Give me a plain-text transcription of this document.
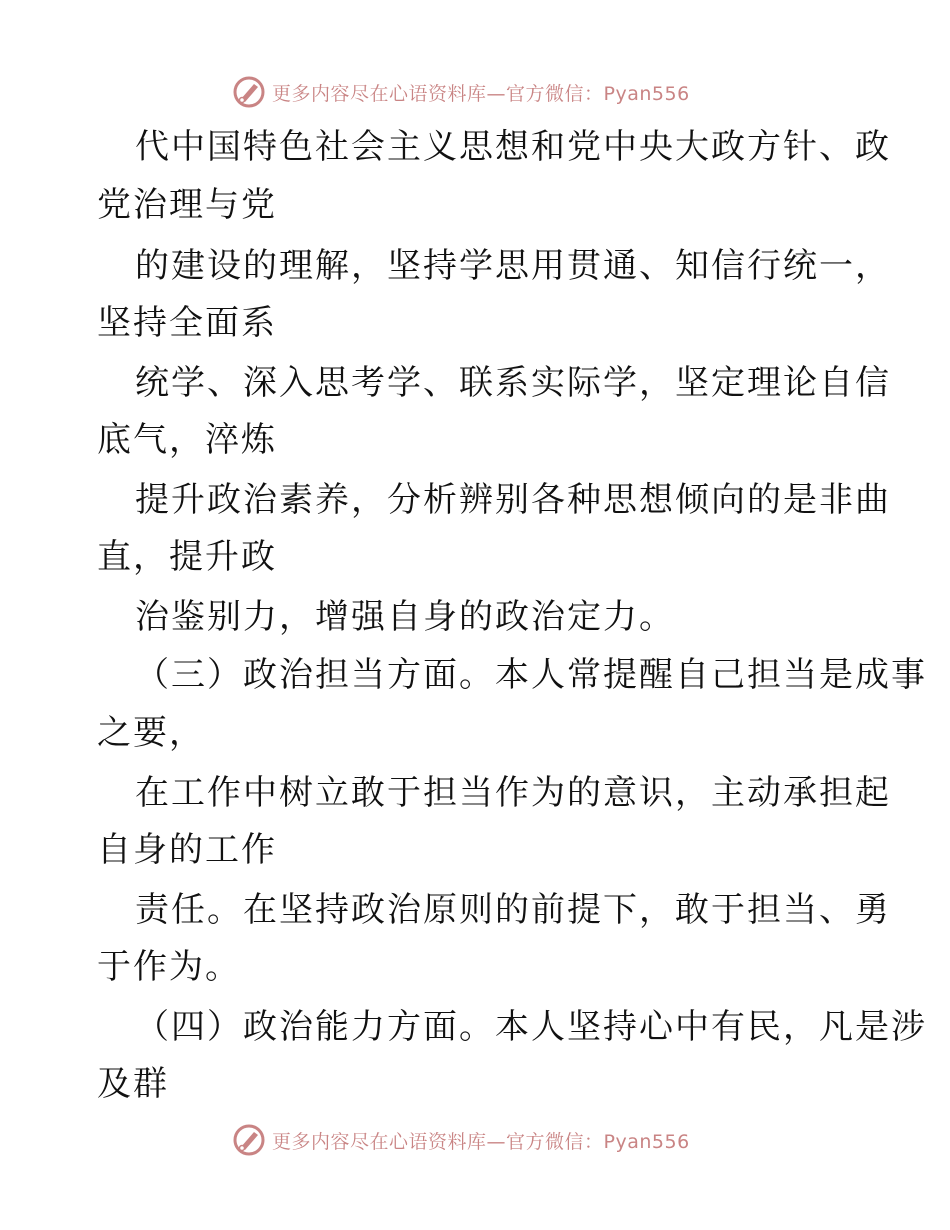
更多内容尽在心语资料库—官方微信：Pyan556
代中国特色社会主义思想和党中央大政方针、政
党治理与党
的建设的理解，坚持学思用贯通、知信行统一，
坚持全面系
统学、深入思考学、联系实际学，坚定理论自信
底气，淬炼
提升政治素养，分析辨别各种思想倾向的是非曲
直，提升政
治鉴别力，增强自身的政治定力。
（三）政治担当方面。本人常提醒自己担当是成事
之要，
在工作中树立敢于担当作为的意识，主动承担起
自身的工作
责任。在坚持政治原则的前提下，敢于担当、勇
于作为。
（四）政治能力方面。本人坚持心中有民，凡是涉
及群
更多内容尽在心语资料库—官方微信：Pyan556
